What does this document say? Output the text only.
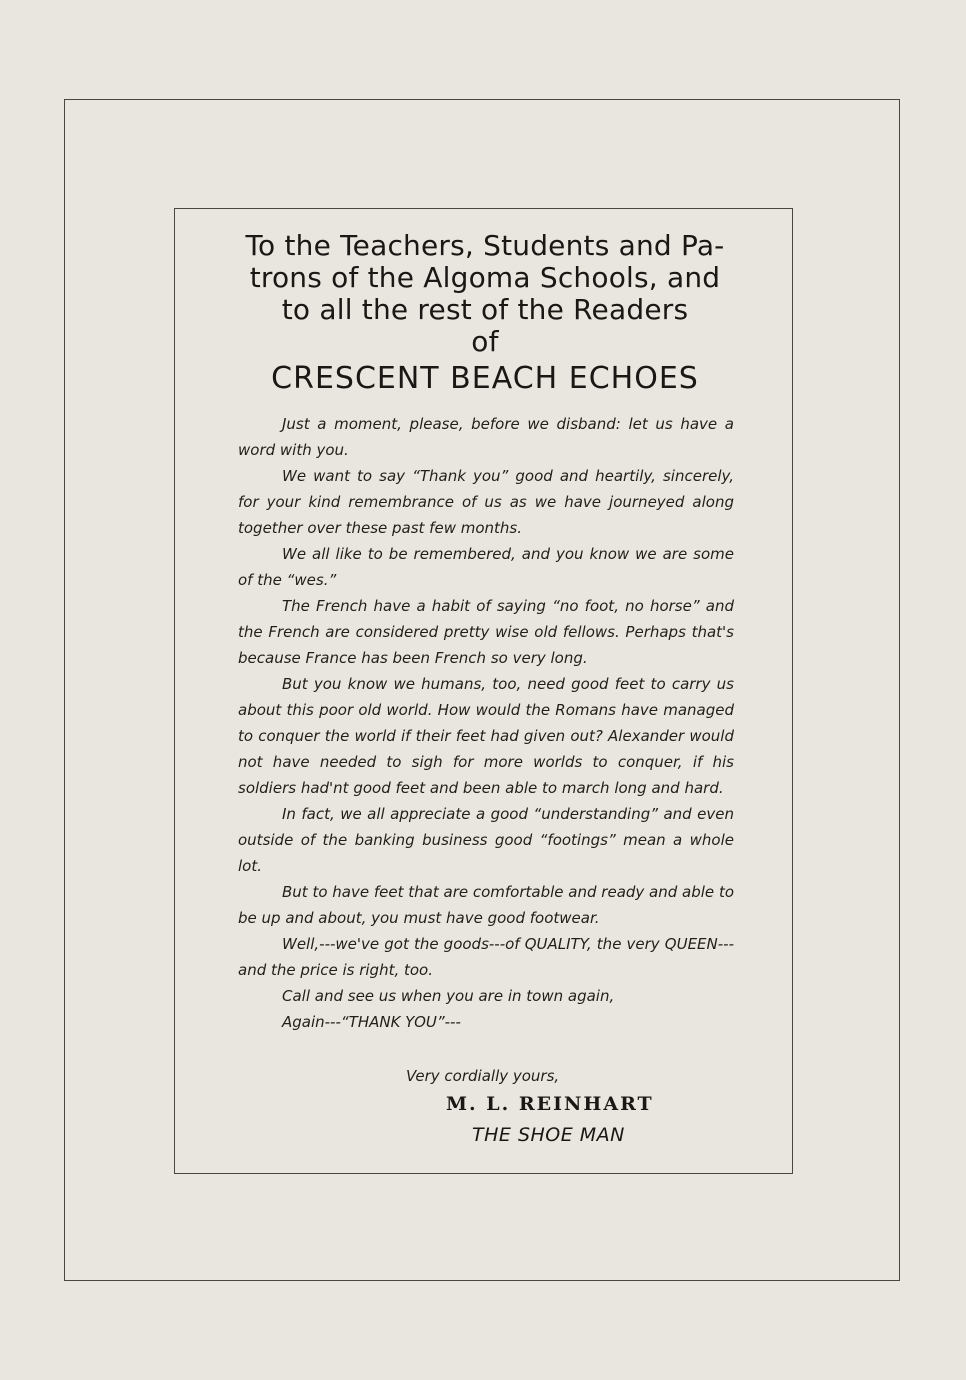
To the Teachers, Students and Pa-
trons of the Algoma Schools, and
to all the rest of the Readers
of
CRESCENT BEACH ECHOES

Just a moment, please, before we disband: let us have a word with you.

We want to say “Thank you” good and heartily, sincerely, for your kind remembrance of us as we have journeyed along together over these past few months.

We all like to be remembered, and you know we are some of the “wes.”

The French have a habit of saying “no foot, no horse” and the French are considered pretty wise old fellows. Perhaps that's because France has been French so very long.

But you know we humans, too, need good feet to carry us about this poor old world. How would the Romans have managed to conquer the world if their feet had given out? Alexander would not have needed to sigh for more worlds to conquer, if his soldiers had'nt good feet and been able to march long and hard.

In fact, we all appreciate a good “understanding” and even outside of the banking business good “footings” mean a whole lot.

But to have feet that are comfortable and ready and able to be up and about, you must have good footwear.

Well,---we've got the goods---of QUALITY, the very QUEEN---and the price is right, too.

Call and see us when you are in town again,

Again---“THANK YOU”---

Very cordially yours,
M. L. REINHART
THE SHOE MAN
